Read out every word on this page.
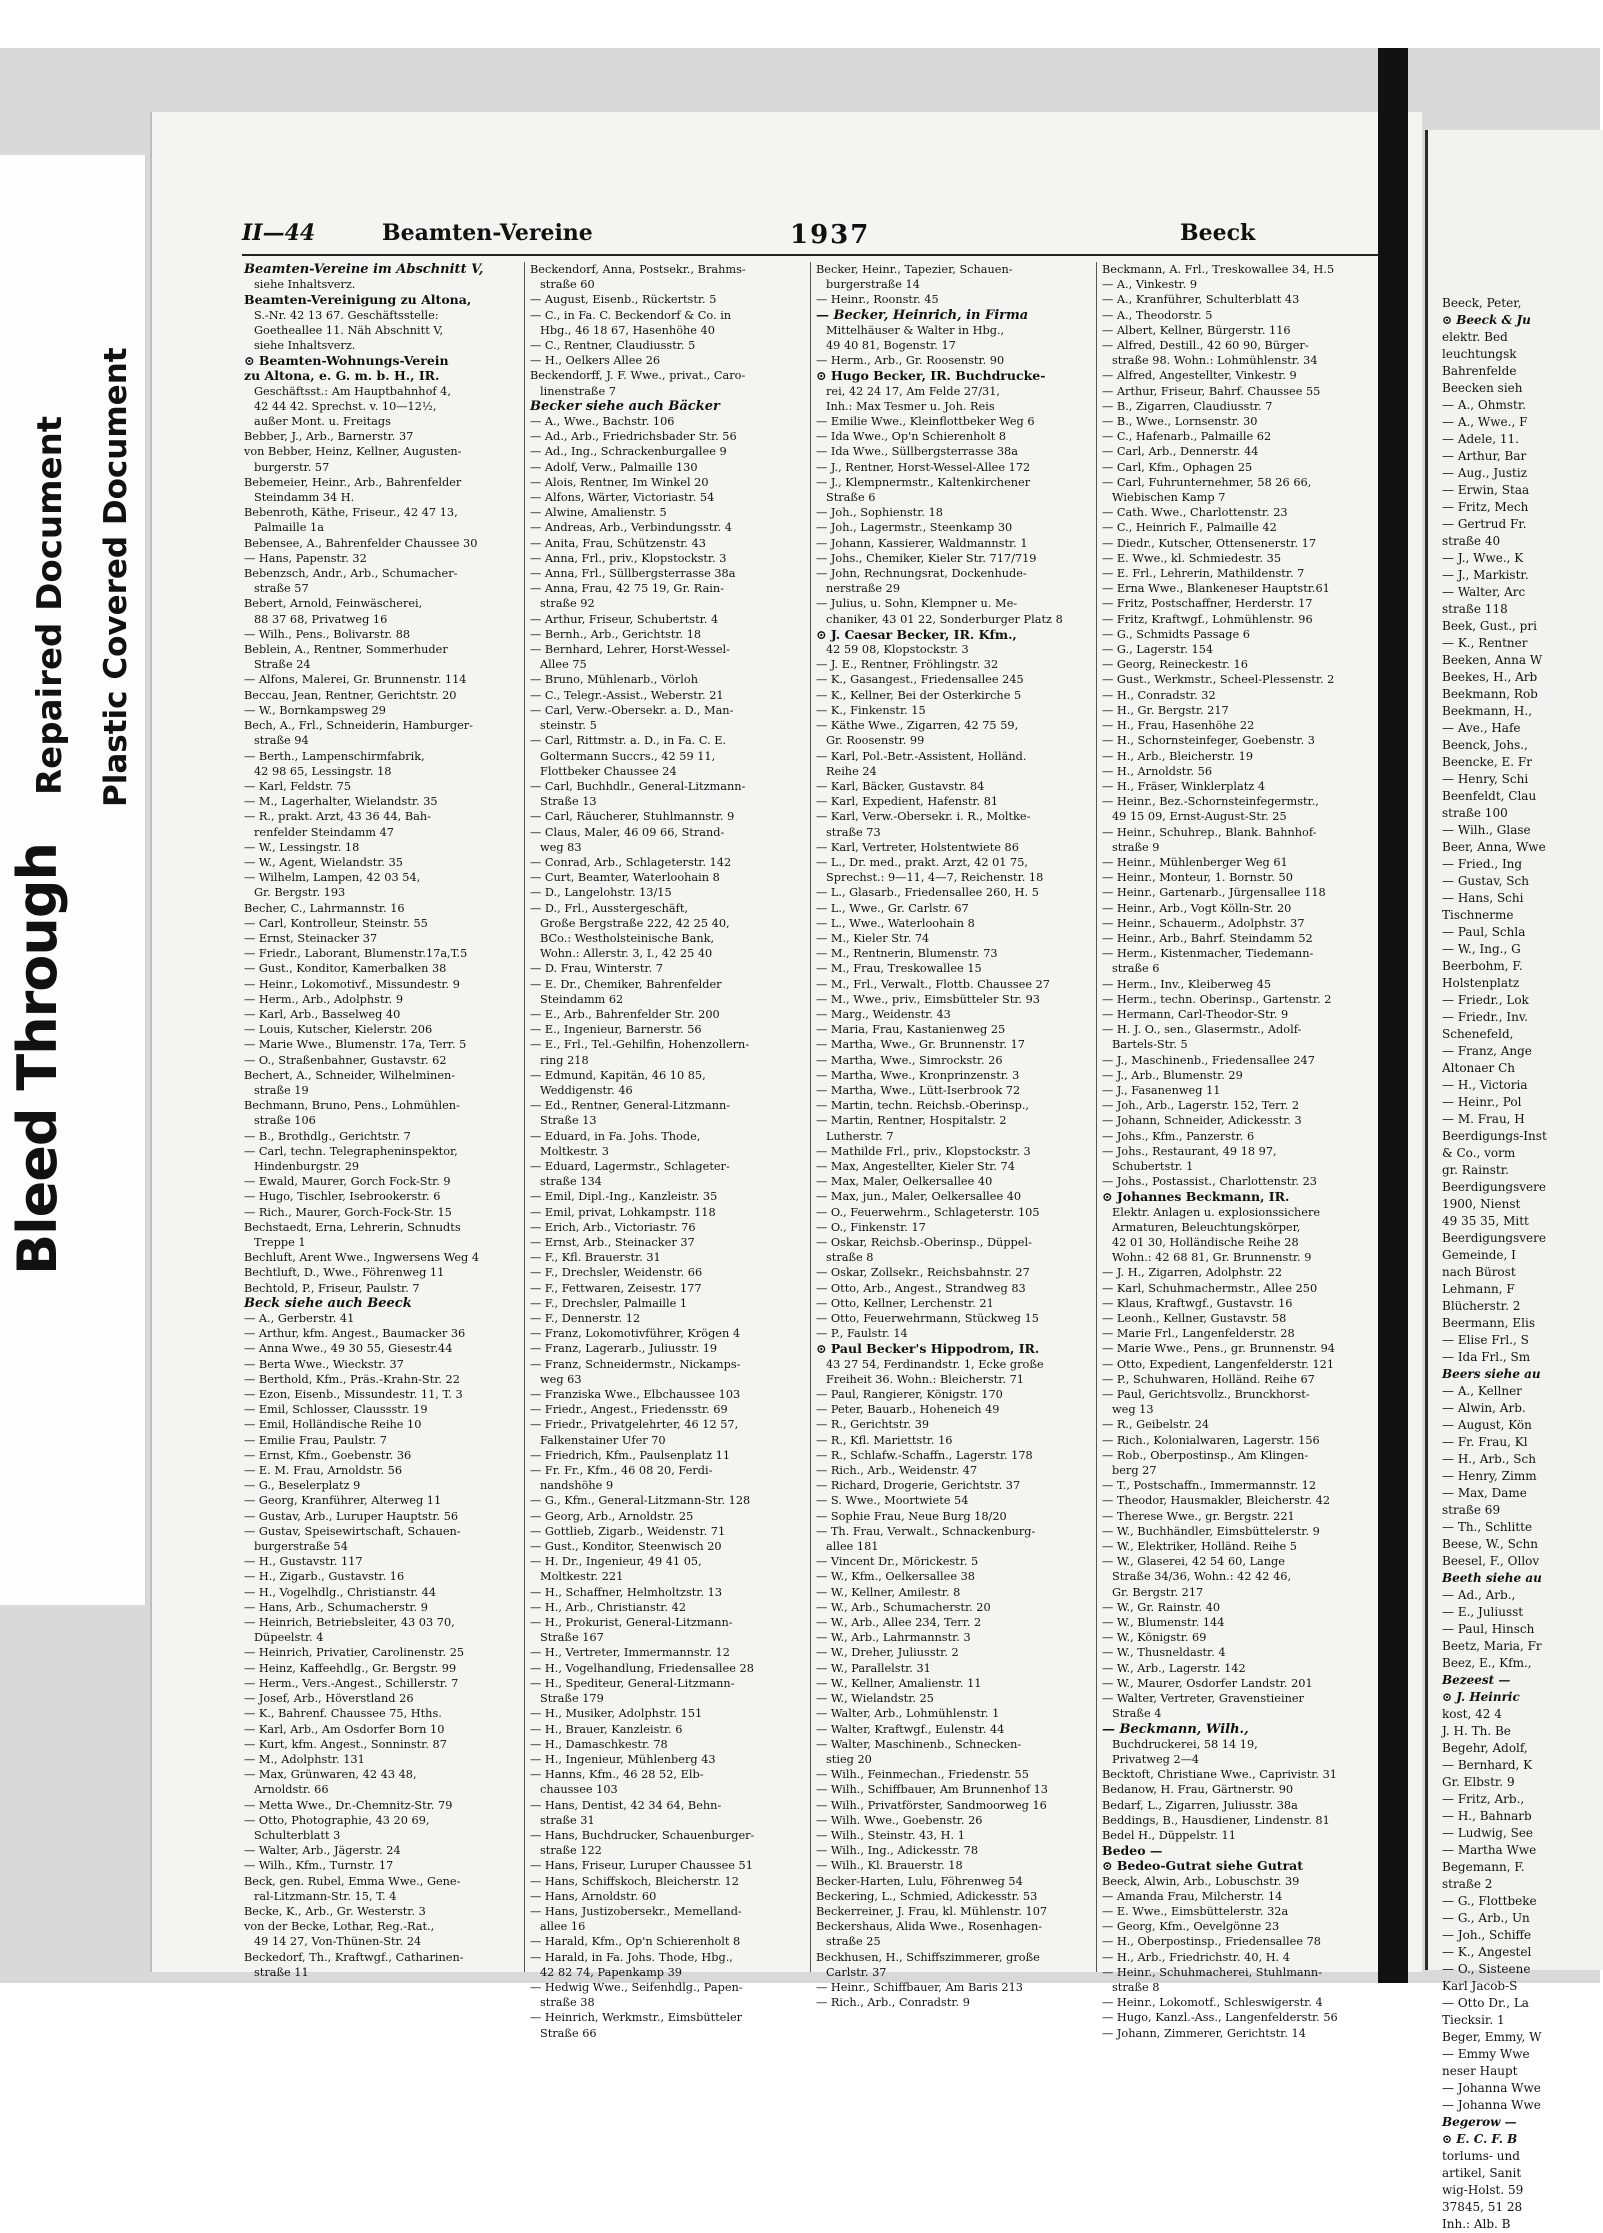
Bleed Through
Repaired Document Plastic Covered Document
II—44	Beamten-Vereine	1937	Beeck
Beamten-Vereine im Abschnitt V,
siehe Inhaltsverz.
Beamten-Vereinigung zu Altona,
S.-Nr. 42 13 67. Geschäftsstelle:
Goetheallee 11. Näh Abschnitt V,
siehe Inhaltsverz.
⊙ Beamten-Wohnungs-Verein
zu Altona, e. G. m. b. H., IR.
Geschäftsst.: Am Hauptbahnhof 4,
42 44 42. Sprechst. v. 10—12½,
außer Mont. u. Freitags
Bebber, J., Arb., Barnerstr. 37
von Bebber, Heinz, Kellner, Augusten-
burgerstr. 57
Bebemeier, Heinr., Arb., Bahrenfelder
Steindamm 34 H.
Bebenroth, Käthe, Friseur., 42 47 13,
Palmaille 1a
Bebensee, A., Bahrenfelder Chaussee 30
— Hans, Papenstr. 32
Bebenzsch, Andr., Arb., Schumacher-
straße 57
Bebert, Arnold, Feinwäscherei,
88 37 68, Privatweg 16
— Wilh., Pens., Bolivarstr. 88
Beblein, A., Rentner, Sommerhuder
Straße 24
— Alfons, Malerei, Gr. Brunnenstr. 114
Beccau, Jean, Rentner, Gerichtstr. 20
— W., Bornkampsweg 29
Bech, A., Frl., Schneiderin, Hamburger-
straße 94
— Berth., Lampenschirmfabrik,
42 98 65, Lessingstr. 18
— Karl, Feldstr. 75
— M., Lagerhalter, Wielandstr. 35
— R., prakt. Arzt, 43 36 44, Bah-
renfelder Steindamm 47
— W., Lessingstr. 18
— W., Agent, Wielandstr. 35
— Wilhelm, Lampen, 42 03 54,
Gr. Bergstr. 193
Becher, C., Lahrmannstr. 16
— Carl, Kontrolleur, Steinstr. 55
— Ernst, Steinacker 37
— Friedr., Laborant, Blumenstr.17a,T.5
— Gust., Konditor, Kamerbalken 38
— Heinr., Lokomotivf., Missundestr. 9
— Herm., Arb., Adolphstr. 9
— Karl, Arb., Basselweg 40
— Louis, Kutscher, Kielerstr. 206
— Marie Wwe., Blumenstr. 17a, Terr. 5
— O., Straßenbahner, Gustavstr. 62
Bechert, A., Schneider, Wilhelminen-
straße 19
Bechmann, Bruno, Pens., Lohmühlen-
straße 106
— B., Brothdlg., Gerichtstr. 7
— Carl, techn. Telegrapheninspektor,
Hindenburgstr. 29
— Ewald, Maurer, Gorch Fock-Str. 9
— Hugo, Tischler, Isebrookerstr. 6
— Rich., Maurer, Gorch-Fock-Str. 15
Bechstaedt, Erna, Lehrerin, Schnudts
Treppe 1
Bechluft, Arent Wwe., Ingwersens Weg 4
Bechtluft, D., Wwe., Föhrenweg 11
Bechtold, P., Friseur, Paulstr. 7
Beck siehe auch Beeck
— A., Gerberstr. 41
— Arthur, kfm. Angest., Baumacker 36
— Anna Wwe., 49 30 55, Giesestr.44
— Berta Wwe., Wieckstr. 37
— Berthold, Kfm., Präs.-Krahn-Str. 22
— Ezon, Eisenb., Missundestr. 11, T. 3
— Emil, Schlosser, Claussstr. 19
— Emil, Holländische Reihe 10
— Emilie Frau, Paulstr. 7
— Ernst, Kfm., Goebenstr. 36
— E. M. Frau, Arnoldstr. 56
— G., Beselerplatz 9
— Georg, Kranführer, Alterweg 11
— Gustav, Arb., Luruper Hauptstr. 56
— Gustav, Speisewirtschaft, Schauen-
burgerstraße 54
— H., Gustavstr. 117
— H., Zigarb., Gustavstr. 16
— H., Vogelhdlg., Christianstr. 44
— Hans, Arb., Schumacherstr. 9
— Heinrich, Betriebsleiter, 43 03 70,
Düpeelstr. 4
— Heinrich, Privatier, Carolinenstr. 25
— Heinz, Kaffeehdlg., Gr. Bergstr. 99
— Herm., Vers.-Angest., Schillerstr. 7
— Josef, Arb., Höverstland 26
— K., Bahrenf. Chaussee 75, Hths.
— Karl, Arb., Am Osdorfer Born 10
— Kurt, kfm. Angest., Sonninstr. 87
— M., Adolphstr. 131
— Max, Grünwaren, 42 43 48,
Arnoldstr. 66
— Metta Wwe., Dr.-Chemnitz-Str. 79
— Otto, Photographie, 43 20 69,
Schulterblatt 3
— Walter, Arb., Jägerstr. 24
— Wilh., Kfm., Turnstr. 17
Beck, gen. Rubel, Emma Wwe., Gene-
ral-Litzmann-Str. 15, T. 4
Becke, K., Arb., Gr. Westerstr. 3
von der Becke, Lothar, Reg.-Rat.,
49 14 27, Von-Thünen-Str. 24
Beckedorf, Th., Kraftwgf., Catharinen-
straße 11
Beckendorf, Anna, Postsekr., Brahms-
straße 60
— August, Eisenb., Rückertstr. 5
— C., in Fa. C. Beckendorf & Co. in
Hbg., 46 18 67, Hasenhöhe 40
— C., Rentner, Claudiusstr. 5
— H., Oelkers Allee 26
Beckendorff, J. F. Wwe., privat., Caro-
linenstraße 7
Becker siehe auch Bäcker
— A., Wwe., Bachstr. 106
— Ad., Arb., Friedrichsbader Str. 56
— Ad., Ing., Schrackenburgallee 9
— Adolf, Verw., Palmaille 130
— Alois, Rentner, Im Winkel 20
— Alfons, Wärter, Victoriastr. 54
— Alwine, Amalienstr. 5
— Andreas, Arb., Verbindungsstr. 4
— Anita, Frau, Schützenstr. 43
— Anna, Frl., priv., Klopstockstr. 3
— Anna, Frl., Süllbergsterrasse 38a
— Anna, Frau, 42 75 19, Gr. Rain-
straße 92
— Arthur, Friseur, Schubertstr. 4
— Bernh., Arb., Gerichtstr. 18
— Bernhard, Lehrer, Horst-Wessel-
Allee 75
— Bruno, Mühlenarb., Vörloh
— C., Telegr.-Assist., Weberstr. 21
— Carl, Verw.-Obersekr. a. D., Man-
steinstr. 5
— Carl, Rittmstr. a. D., in Fa. C. E.
Goltermann Succrs., 42 59 11,
Flottbeker Chaussee 24
— Carl, Buchhdlr., General-Litzmann-
Straße 13
— Carl, Räucherer, Stuhlmannstr. 9
— Claus, Maler, 46 09 66, Strand-
weg 83
— Conrad, Arb., Schlageterstr. 142
— Curt, Beamter, Waterloohain 8
— D., Langelohstr. 13/15
— D., Frl., Ausstergeschäft,
Große Bergstraße 222, 42 25 40,
BCo.: Westholsteinische Bank,
Wohn.: Allerstr. 3, I., 42 25 40
— D. Frau, Winterstr. 7
— E. Dr., Chemiker, Bahrenfelder
Steindamm 62
— E., Arb., Bahrenfelder Str. 200
— E., Ingenieur, Barnerstr. 56
— E., Frl., Tel.-Gehilfin, Hohenzollern-
ring 218
— Edmund, Kapitän, 46 10 85,
Weddigenstr. 46
— Ed., Rentner, General-Litzmann-
Straße 13
— Eduard, in Fa. Johs. Thode,
Moltkestr. 3
— Eduard, Lagermstr., Schlageter-
straße 134
— Emil, Dipl.-Ing., Kanzleistr. 35
— Emil, privat, Lohkampstr. 118
— Erich, Arb., Victoriastr. 76
— Ernst, Arb., Steinacker 37
— F., Kfl. Brauerstr. 31
— F., Drechsler, Weidenstr. 66
— F., Fettwaren, Zeisestr. 177
— F., Drechsler, Palmaille 1
— F., Dennerstr. 12
— Franz, Lokomotivführer, Krögen 4
— Franz, Lagerarb., Juliusstr. 19
— Franz, Schneidermstr., Nickamps-
weg 63
— Franziska Wwe., Elbchaussee 103
— Friedr., Angest., Friedensstr. 69
— Friedr., Privatgelehrter, 46 12 57,
Falkenstainer Ufer 70
— Friedrich, Kfm., Paulsenplatz 11
— Fr. Fr., Kfm., 46 08 20, Ferdi-
nandshöhe 9
— G., Kfm., General-Litzmann-Str. 128
— Georg, Arb., Arnoldstr. 25
— Gottlieb, Zigarb., Weidenstr. 71
— Gust., Konditor, Steenwisch 20
— H. Dr., Ingenieur, 49 41 05,
Moltkestr. 221
— H., Schaffner, Helmholtzstr. 13
— H., Arb., Christianstr. 42
— H., Prokurist, General-Litzmann-
Straße 167
— H., Vertreter, Immermannstr. 12
— H., Vogelhandlung, Friedensallee 28
— H., Spediteur, General-Litzmann-
Straße 179
— H., Musiker, Adolphstr. 151
— H., Brauer, Kanzleistr. 6
— H., Damaschkestr. 78
— H., Ingenieur, Mühlenberg 43
— Hanns, Kfm., 46 28 52, Elb-
chaussee 103
— Hans, Dentist, 42 34 64, Behn-
straße 31
— Hans, Buchdrucker, Schauenburger-
straße 122
— Hans, Friseur, Luruper Chaussee 51
— Hans, Schiffskoch, Bleicherstr. 12
— Hans, Arnoldstr. 60
— Hans, Justizobersekr., Memelland-
allee 16
— Harald, Kfm., Op'n Schierenholt 8
— Harald, in Fa. Johs. Thode, Hbg.,
42 82 74, Papenkamp 39
— Hedwig Wwe., Seifenhdlg., Papen-
straße 38
— Heinrich, Werkmstr., Eimsbütteler
Straße 66
Becker, Heinr., Tapezier, Schauen-
burgerstraße 14
— Heinr., Roonstr. 45
— Becker, Heinrich, in Firma
Mittelhäuser & Walter in Hbg.,
49 40 81, Bogenstr. 17
— Herm., Arb., Gr. Roosenstr. 90
⊙ Hugo Becker, IR. Buchdrucke-
rei, 42 24 17, Am Felde 27/31,
Inh.: Max Tesmer u. Joh. Reis
— Emilie Wwe., Kleinflottbeker Weg 6
— Ida Wwe., Op'n Schierenholt 8
— Ida Wwe., Süllbergsterrasse 38a
— J., Rentner, Horst-Wessel-Allee 172
— J., Klempnermstr., Kaltenkirchener
Straße 6
— Joh., Sophienstr. 18
— Joh., Lagermstr., Steenkamp 30
— Johann, Kassierer, Waldmannstr. 1
— Johs., Chemiker, Kieler Str. 717/719
— John, Rechnungsrat, Dockenhude-
nerstraße 29
— Julius, u. Sohn, Klempner u. Me-
chaniker, 43 01 22, Sonderburger Platz 8
⊙ J. Caesar Becker, IR. Kfm.,
42 59 08, Klopstockstr. 3
— J. E., Rentner, Fröhlingstr. 32
— K., Gasangest., Friedensallee 245
— K., Kellner, Bei der Osterkirche 5
— K., Finkenstr. 15
— Käthe Wwe., Zigarren, 42 75 59,
Gr. Roosenstr. 99
— Karl, Pol.-Betr.-Assistent, Holländ.
Reihe 24
— Karl, Bäcker, Gustavstr. 84
— Karl, Expedient, Hafenstr. 81
— Karl, Verw.-Obersekr. i. R., Moltke-
straße 73
— Karl, Vertreter, Holstentwiete 86
— L., Dr. med., prakt. Arzt, 42 01 75,
Sprechst.: 9—11, 4—7, Reichenstr. 18
— L., Glasarb., Friedensallee 260, H. 5
— L., Wwe., Gr. Carlstr. 67
— L., Wwe., Waterloohain 8
— M., Kieler Str. 74
— M., Rentnerin, Blumenstr. 73
— M., Frau, Treskowallee 15
— M., Frl., Verwalt., Flottb. Chaussee 27
— M., Wwe., priv., Eimsbütteler Str. 93
— Marg., Weidenstr. 43
— Maria, Frau, Kastanienweg 25
— Martha, Wwe., Gr. Brunnenstr. 17
— Martha, Wwe., Simrockstr. 26
— Martha, Wwe., Kronprinzenstr. 3
— Martha, Wwe., Lütt-Iserbrook 72
— Martin, techn. Reichsb.-Oberinsp.,
— Martin, Rentner, Hospitalstr. 2
Lutherstr. 7
— Mathilde Frl., priv., Klopstockstr. 3
— Max, Angestellter, Kieler Str. 74
— Max, Maler, Oelkersallee 40
— Max, jun., Maler, Oelkersallee 40
— O., Feuerwehrm., Schlageterstr. 105
— O., Finkenstr. 17
— Oskar, Reichsb.-Oberinsp., Düppel-
straße 8
— Oskar, Zollsekr., Reichsbahnstr. 27
— Otto, Arb., Angest., Strandweg 83
— Otto, Kellner, Lerchenstr. 21
— Otto, Feuerwehrmann, Stückweg 15
— P., Faulstr. 14
⊙ Paul Becker's Hippodrom, IR.
43 27 54, Ferdinandstr. 1, Ecke große
Freiheit 36. Wohn.: Bleicherstr. 71
— Paul, Rangierer, Königstr. 170
— Peter, Bauarb., Hoheneich 49
— R., Gerichtstr. 39
— R., Kfl. Mariettstr. 16
— R., Schlafw.-Schaffn., Lagerstr. 178
— Rich., Arb., Weidenstr. 47
— Richard, Drogerie, Gerichtstr. 37
— S. Wwe., Moortwiete 54
— Sophie Frau, Neue Burg 18/20
— Th. Frau, Verwalt., Schnackenburg-
allee 181
— Vincent Dr., Mörickestr. 5
— W., Kfm., Oelkersallee 38
— W., Kellner, Amilestr. 8
— W., Arb., Schumacherstr. 20
— W., Arb., Allee 234, Terr. 2
— W., Arb., Lahrmannstr. 3
— W., Dreher, Juliusstr. 2
— W., Parallelstr. 31
— W., Kellner, Amalienstr. 11
— W., Wielandstr. 25
— Walter, Arb., Lohmühlenstr. 1
— Walter, Kraftwgf., Eulenstr. 44
— Walter, Maschinenb., Schnecken-
stieg 20
— Wilh., Feinmechan., Friedenstr. 55
— Wilh., Schiffbauer, Am Brunnenhof 13
— Wilh., Privatförster, Sandmoorweg 16
— Wilh. Wwe., Goebenstr. 26
— Wilh., Steinstr. 43, H. 1
— Wilh., Ing., Adickesstr. 78
— Wilh., Kl. Brauerstr. 18
Becker-Harten, Lulu, Föhrenweg 54
Beckering, L., Schmied, Adickesstr. 53
Beckerreiner, J. Frau, kl. Mühlenstr. 107
Beckershaus, Alida Wwe., Rosenhagen-
straße 25
Beckhusen, H., Schiffszimmerer, große
Carlstr. 37
— Heinr., Schiffbauer, Am Baris 213
— Rich., Arb., Conradstr. 9
Beckmann, A. Frl., Treskowallee 34, H.5
— A., Vinkestr. 9
— A., Kranführer, Schulterblatt 43
— A., Theodorstr. 5
— Albert, Kellner, Bürgerstr. 116
— Alfred, Destill., 42 60 90, Bürger-
straße 98. Wohn.: Lohmühlenstr. 34
— Alfred, Angestellter, Vinkestr. 9
— Arthur, Friseur, Bahrf. Chaussee 55
— B., Zigarren, Claudiusstr. 7
— B., Wwe., Lornsenstr. 30
— C., Hafenarb., Palmaille 62
— Carl, Arb., Dennerstr. 44
— Carl, Kfm., Ophagen 25
— Carl, Fuhrunternehmer, 58 26 66,
Wiebischen Kamp 7
— Cath. Wwe., Charlottenstr. 23
— C., Heinrich F., Palmaille 42
— Diedr., Kutscher, Ottensenerstr. 17
— E. Wwe., kl. Schmiedestr. 35
— E. Frl., Lehrerin, Mathildenstr. 7
— Erna Wwe., Blankeneser Hauptstr.61
— Fritz, Postschaffner, Herderstr. 17
— Fritz, Kraftwgf., Lohmühlenstr. 96
— G., Schmidts Passage 6
— G., Lagerstr. 154
— Georg, Reineckestr. 16
— Gust., Werkmstr., Scheel-Plessenstr. 2
— H., Conradstr. 32
— H., Gr. Bergstr. 217
— H., Frau, Hasenhöhe 22
— H., Schornsteinfeger, Goebenstr. 3
— H., Arb., Bleicherstr. 19
— H., Arnoldstr. 56
— H., Fräser, Winklerplatz 4
— Heinr., Bez.-Schornsteinfegermstr.,
49 15 09, Ernst-August-Str. 25
— Heinr., Schuhrep., Blank. Bahnhof-
straße 9
— Heinr., Mühlenberger Weg 61
— Heinr., Monteur, 1. Bornstr. 50
— Heinr., Gartenarb., Jürgensallee 118
— Heinr., Arb., Vogt Kölln-Str. 20
— Heinr., Schauerm., Adolphstr. 37
— Heinr., Arb., Bahrf. Steindamm 52
— Herm., Kistenmacher, Tiedemann-
straße 6
— Herm., Inv., Kleiberweg 45
— Herm., techn. Oberinsp., Gartenstr. 2
— Hermann, Carl-Theodor-Str. 9
— H. J. O., sen., Glasermstr., Adolf-
Bartels-Str. 5
— J., Maschinenb., Friedensallee 247
— J., Arb., Blumenstr. 29
— J., Fasanenweg 11
— Joh., Arb., Lagerstr. 152, Terr. 2
— Johann, Schneider, Adickesstr. 3
— Johs., Kfm., Panzerstr. 6
— Johs., Restaurant, 49 18 97,
Schubertstr. 1
— Johs., Postassist., Charlottenstr. 23
⊙ Johannes Beckmann, IR.
Elektr. Anlagen u. explosionssichere
Armaturen, Beleuchtungskörper,
42 01 30, Holländische Reihe 28
Wohn.: 42 68 81, Gr. Brunnenstr. 9
— J. H., Zigarren, Adolphstr. 22
— Karl, Schuhmachermstr., Allee 250
— Klaus, Kraftwgf., Gustavstr. 16
— Leonh., Kellner, Gustavstr. 58
— Marie Frl., Langenfelderstr. 28
— Marie Wwe., Pens., gr. Brunnenstr. 94
— Otto, Expedient, Langenfelderstr. 121
— P., Schuhwaren, Holländ. Reihe 67
— Paul, Gerichtsvollz., Brunckhorst-
weg 13
— R., Geibelstr. 24
— Rich., Kolonialwaren, Lagerstr. 156
— Rob., Oberpostinsp., Am Klingen-
berg 27
— T., Postschaffn., Immermannstr. 12
— Theodor, Hausmakler, Bleicherstr. 42
— Therese Wwe., gr. Bergstr. 221
— W., Buchhändler, Eimsbüttelerstr. 9
— W., Elektriker, Holländ. Reihe 5
— W., Glaserei, 42 54 60, Lange
Straße 34/36, Wohn.: 42 42 46,
Gr. Bergstr. 217
— W., Gr. Rainstr. 40
— W., Blumenstr. 144
— W., Königstr. 69
— W., Thusneldastr. 4
— W., Arb., Lagerstr. 142
— W., Maurer, Osdorfer Landstr. 201
— Walter, Vertreter, Gravenstieiner
Straße 4
— Beckmann, Wilh.,
Buchdruckerei, 58 14 19,
Privatweg 2—4
Becktoft, Christiane Wwe., Caprivistr. 31
Bedanow, H. Frau, Gärtnerstr. 90
Bedarf, L., Zigarren, Juliusstr. 38a
Beddings, B., Hausdiener, Lindenstr. 81
Bedel H., Düppelstr. 11
Bedeo —
⊙ Bedeo-Gutrat siehe Gutrat
Beeck, Alwin, Arb., Lobuschstr. 39
— Amanda Frau, Milcherstr. 14
— E. Wwe., Eimsbüttelerstr. 32a
— Georg, Kfm., Oevelgönne 23
— H., Oberpostinsp., Friedensallee 78
— H., Arb., Friedrichstr. 40, H. 4
— Heinr., Schuhmacherei, Stuhlmann-
straße 8
— Heinr., Lokomotf., Schleswigerstr. 4
— Hugo, Kanzl.-Ass., Langenfelderstr. 56
— Johann, Zimmerer, Gerichtstr. 14
Beeck, Peter,
⊙ Beeck & Ju
elektr. Bed
leuchtungsk
Bahrenfelde
Beecken sieh
— A., Ohmstr.
— A., Wwe., F
— Adele, 11.
— Arthur, Bar
— Aug., Justiz
— Erwin, Staa
— Fritz, Mech
— Gertrud Fr.
straße 40
— J., Wwe., K
— J., Markistr.
— Walter, Arc
straße 118
Beek, Gust., pri
— K., Rentner
Beeken, Anna W
Beekes, H., Arb
Beekmann, Rob
Beekmann, H.,
— Ave., Hafe
Beenck, Johs.,
Beencke, E. Fr
— Henry, Schi
Beenfeldt, Clau
straße 100
— Wilh., Glase
Beer, Anna, Wwe
— Fried., Ing
— Gustav, Sch
— Hans, Schi
Tischnerme
— Paul, Schla
— W., Ing., G
Beerbohm, F.
Holstenplatz
— Friedr., Lok
— Friedr., Inv.
Schenefeld,
— Franz, Ange
Altonaer Ch
— H., Victoria
— Heinr., Pol
— M. Frau, H
Beerdigungs-Inst
& Co., vorm
gr. Rainstr.
Beerdigungsvere
1900, Nienst
49 35 35, Mitt
Beerdigungsvere
Gemeinde, I
nach Bürost
Lehmann, F
Blücherstr. 2
Beermann, Elis
— Elise Frl., S
— Ida Frl., Sm
Beers siehe au
— A., Kellner
— Alwin, Arb.
— August, Kön
— Fr. Frau, Kl
— H., Arb., Sch
— Henry, Zimm
— Max, Dame
straße 69
— Th., Schlitte
Beese, W., Schn
Beesel, F., Ollov
Beeth siehe au
— Ad., Arb.,
— E., Juliusst
— Paul, Hinsch
Beetz, Maria, Fr
Beez, E., Kfm.,
Bezeest —
⊙ J. Heinric
kost, 42 4
J. H. Th. Be
Begehr, Adolf,
— Bernhard, K
Gr. Elbstr. 9
— Fritz, Arb.,
— H., Bahnarb
— Ludwig, See
— Martha Wwe
Begemann, F.
straße 2
— G., Flottbeke
— G., Arb., Un
— Joh., Schiffe
— K., Angestel
— O., Sisteene
Karl Jacob-S
— Otto Dr., La
Tiecksir. 1
Beger, Emmy, W
— Emmy Wwe
neser Haupt
— Johanna Wwe
— Johanna Wwe
Begerow —
⊙ E. C. F. B
torlums- und
artikel, Sanit
wig-Holst. 59
37845, 51 28
Inh.: Alb. B
